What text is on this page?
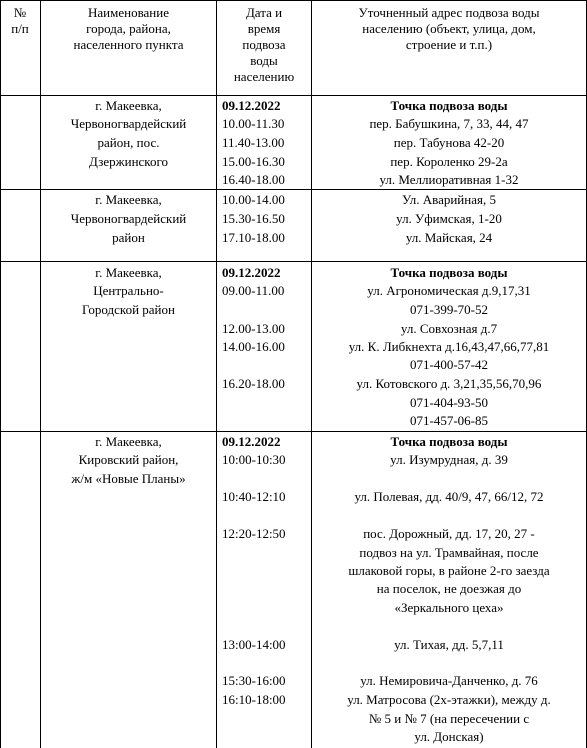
№
п/п
Наименование
города, района,
населенного пункта
Дата и
время
подвоза
воды
населению
Уточненный адрес подвоза воды
населению (объект, улица, дом,
строение и т.п.)
г. Макеевка,
Червоногвардейский
район, пос.
Дзержинского
09.12.2022
10.00-11.30
11.40-13.00
15.00-16.30
16.40-18.00
Точка подвоза воды
пер. Бабушкина, 7, 33, 44, 47
пер. Табунова 42-20
пер. Короленко 29-2а
ул. Меллиоративная 1-32
г. Макеевка,
Червоногвардейский
район
10.00-14.00
15.30-16.50
17.10-18.00
Ул. Аварийная, 5
ул. Уфимская, 1-20
ул. Майская, 24
г. Макеевка,
Центрально-
Городской район
09.12.2022
09.00-11.00
12.00-13.00
14.00-16.00
16.20-18.00
Точка подвоза воды
ул. Агрономическая д.9,17,31
071-399-70-52
ул. Совхозная д.7
ул. К. Либкнехта д.16,43,47,66,77,81
071-400-57-42
ул. Котовского д. 3,21,35,56,70,96
071-404-93-50
071-457-06-85
г. Макеевка,
Кировский район,
ж/м «Новые Планы»
09.12.2022
10:00-10:30
10:40-12:10
12:20-12:50
13:00-14:00
15:30-16:00
16:10-18:00
Точка подвоза воды
ул. Изумрудная, д. 39
ул. Полевая, дд. 40/9, 47, 66/12, 72
пос. Дорожный, дд. 17, 20, 27 -
подвоз на ул. Трамвайная, после
шлаковой горы, в районе 2-го заезда
на поселок, не доезжая до
«Зеркального цеха»
ул. Тихая, дд. 5,7,11
ул. Немировича-Данченко, д. 76
ул. Матросова (2х-этажки), между д.
№ 5 и № 7 (на пересечении с
ул. Донская)
